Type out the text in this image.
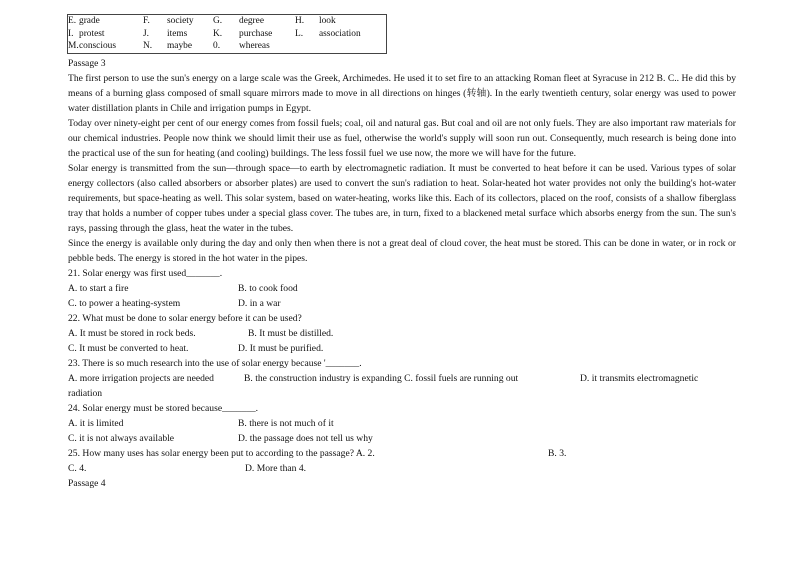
E.	grade	F.	society	G.	degree	H.	look
I.	protest	J.	items	K.	purchase	L.	association
M.	conscious	N.	maybe	0.	whereas		
Passage 3

The first person to use the sun's energy on a large scale was the Greek, Archimedes. He used it to set fire to an attacking Roman fleet at Syracuse in 212 B. C.. He did this by means of a burning glass composed of small square mirrors made to move in all directions on hinges (转轴). In the early twentieth century, solar energy was used to power water distillation plants in Chile and irrigation pumps in Egypt.

Today over ninety-eight per cent of our energy comes from fossil fuels; coal, oil and natural gas. But coal and oil are not only fuels. They are also important raw materials for our chemical industries. People now think we should limit their use as fuel, otherwise the world's supply will soon run out. Consequently, much research is being done into the practical use of the sun for heating (and cooling) buildings. The less fossil fuel we use now, the more we will have for the future.

Solar energy is transmitted from the sun—through space—to earth by electromagnetic radiation. It must be converted to heat before it can be used. Various types of solar energy collectors (also called absorbers or absorber plates) are used to convert the sun's radiation to heat. Solar-heated hot water provides not only the building's hot-water requirements, but space-heating as well. This solar system, based on water-heating, works like this. Each of its collectors, placed on the roof, consists of a shallow fiberglass tray that holds a number of copper tubes under a special glass cover. The tubes are, in turn, fixed to a blackened metal surface which absorbs energy from the sun. The sun's rays, passing through the glass, heat the water in the tubes.

Since the energy is available only during the day and only then when there is not a great deal of cloud cover, the heat must be stored. This can be done in water, or in rock or pebble beds. The energy is stored in the hot water in the pipes.

21. Solar energy was first used_______.
A. to start a fire	B. to cook food
C. to power a heating-system	D. in a war
22. What must be done to solar energy before it can be used?
A. It must be stored in rock beds.	B. It must be distilled.
C. It must be converted to heat.	D. It must be purified.
23. There is so much research into the use of solar energy because '_______.
A. more irrigation projects are needed	B. the construction industry is expanding C. fossil fuels are running out	D. it transmits electromagnetic
radiation
24. Solar energy must be stored because_______.
A. it is limited	B. there is not much of it
C. it is not always available	D. the passage does not tell us why
25. How many uses has solar energy been put to according to the passage? A. 2.	B. 3.
C. 4.	D. More than 4.
Passage 4
